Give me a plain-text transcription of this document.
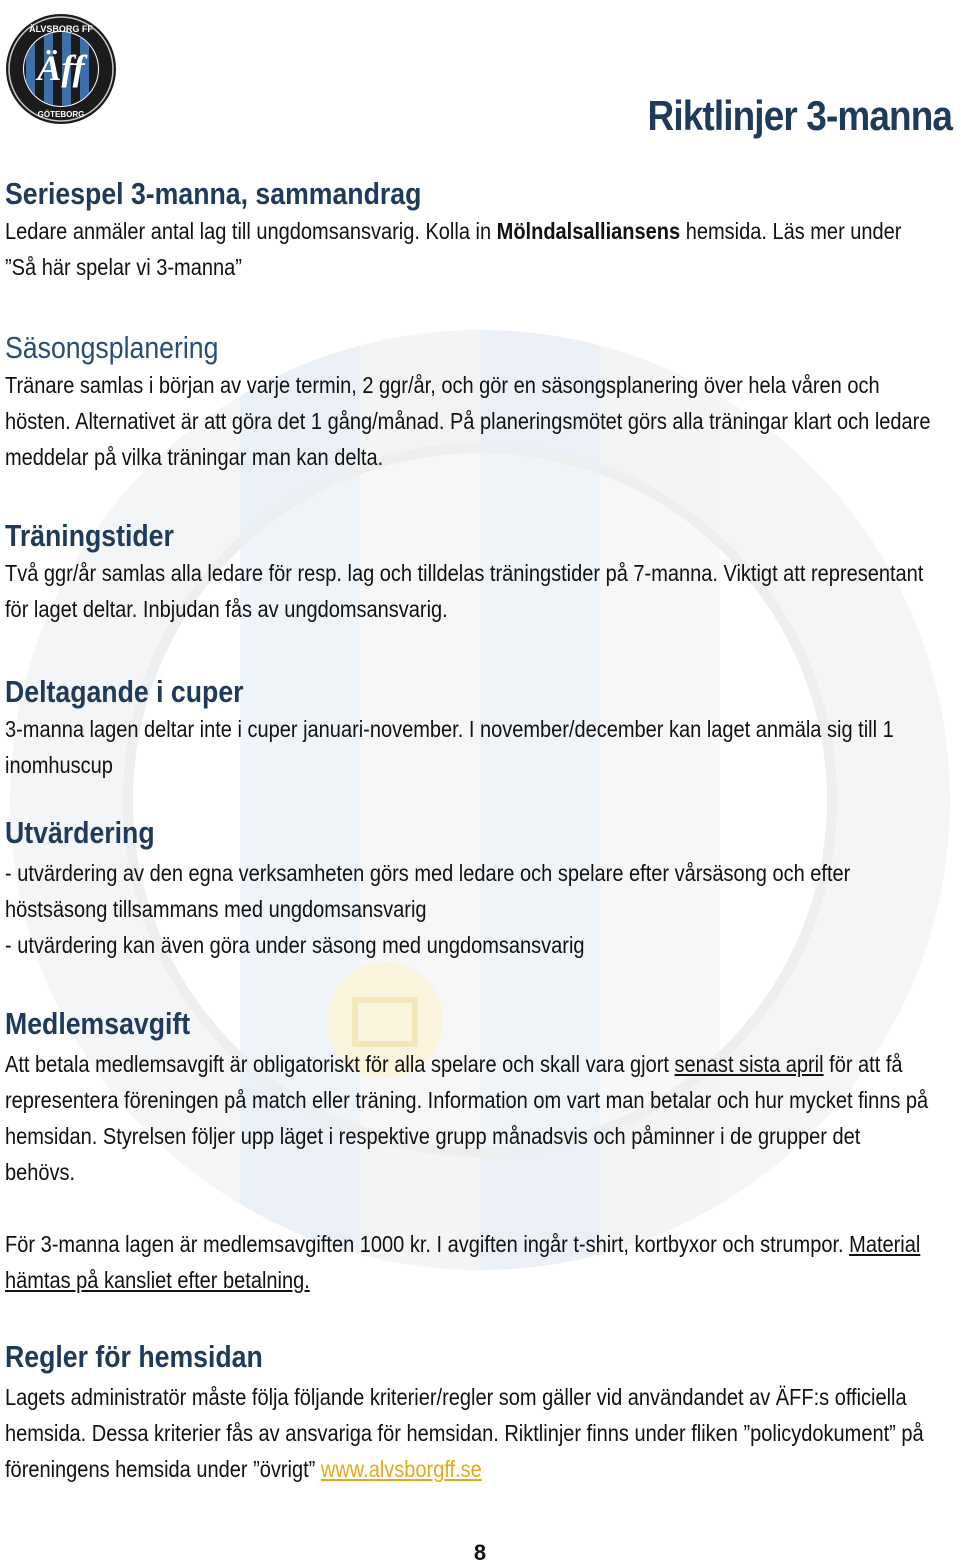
ÄLVSBORG FF
Äff
GÖTEBORG	Riktlinjer 3-manna
Seriespel 3-manna, sammandrag

Ledare anmäler antal lag till ungdomsansvarig. Kolla in Mölndalsalliansens hemsida. Läs mer under ”Så här spelar vi 3-manna”

Säsongsplanering

Tränare samlas i början av varje termin, 2 ggr/år, och gör en säsongsplanering över hela våren och hösten. Alternativet är att göra det 1 gång/månad. På planeringsmötet görs alla träningar klart och ledare meddelar på vilka träningar man kan delta.

Träningstider

Två ggr/år samlas alla ledare för resp. lag och tilldelas träningstider på 7-manna. Viktigt att representant för laget deltar. Inbjudan fås av ungdomsansvarig.

Deltagande i cuper

3-manna lagen deltar inte i cuper januari-november. I november/december kan laget anmäla sig till 1 inomhuscup

Utvärdering

- utvärdering av den egna verksamheten görs med ledare och spelare efter vårsäsong och efter höstsäsong tillsammans med ungdomsansvarig

- utvärdering kan även göra under säsong med ungdomsansvarig

Medlemsavgift

Att betala medlemsavgift är obligatoriskt för alla spelare och skall vara gjort senast sista april för att få representera föreningen på match eller träning. Information om vart man betalar och hur mycket finns på hemsidan. Styrelsen följer upp läget i respektive grupp månadsvis och påminner i de grupper det behövs.

För 3-manna lagen är medlemsavgiften 1000 kr. I avgiften ingår t-shirt, kortbyxor och strumpor. Material hämtas på kansliet efter betalning.

Regler för hemsidan

Lagets administratör måste följa följande kriterier/regler som gäller vid användandet av ÄFF:s officiella hemsida. Dessa kriterier fås av ansvariga för hemsidan. Riktlinjer finns under fliken ”policydokument” på föreningens hemsida under ”övrigt” www.alvsborgff.se

8
